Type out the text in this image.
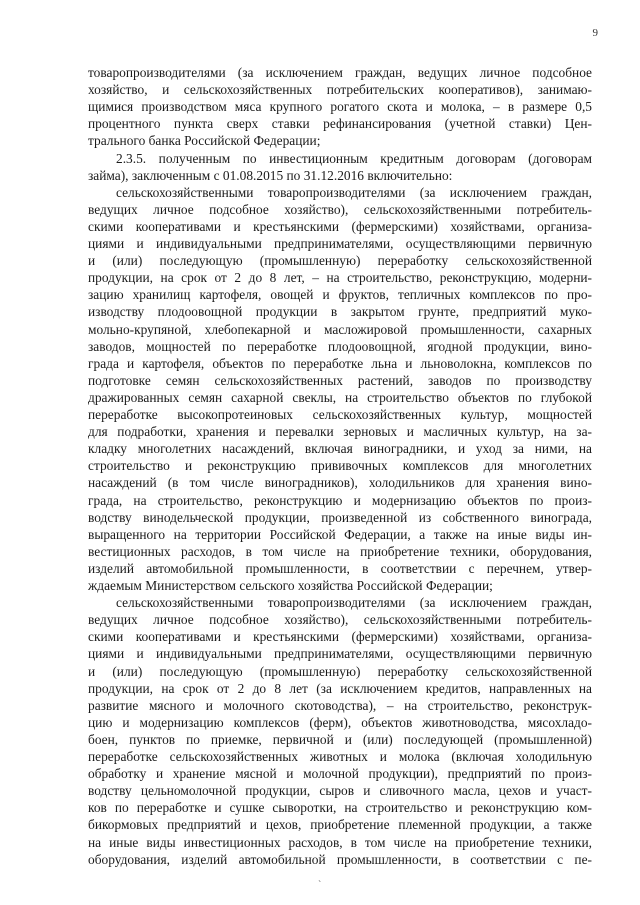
9
товаропроизводителями (за исключением граждан, ведущих личное подсобное
хозяйство, и сельскохозяйственных потребительских кооперативов), занимаю-
щимися производством мяса крупного рогатого скота и молока, – в размере 0,5
процентного пункта сверх ставки рефинансирования (учетной ставки) Цен-
трального банка Российской Федерации;
2.3.5. полученным по инвестиционным кредитным договорам (договорам
займа), заключенным с 01.08.2015 по 31.12.2016 включительно:
сельскохозяйственными товаропроизводителями (за исключением граждан,
ведущих личное подсобное хозяйство), сельскохозяйственными потребитель-
скими кооперативами и крестьянскими (фермерскими) хозяйствами, организа-
циями и индивидуальными предпринимателями, осуществляющими первичную
и (или) последующую (промышленную) переработку сельскохозяйственной
продукции, на срок от 2 до 8 лет, – на строительство, реконструкцию, модерни-
зацию хранилищ картофеля, овощей и фруктов, тепличных комплексов по про-
изводству плодоовощной продукции в закрытом грунте, предприятий муко-
мольно-крупяной, хлебопекарной и масложировой промышленности, сахарных
заводов, мощностей по переработке плодоовощной, ягодной продукции, вино-
града и картофеля, объектов по переработке льна и льноволокна, комплексов по
подготовке семян сельскохозяйственных растений, заводов по производству
дражированных семян сахарной свеклы, на строительство объектов по глубокой
переработке высокопротеиновых сельскохозяйственных культур, мощностей
для подработки, хранения и перевалки зерновых и масличных культур, на за-
кладку многолетних насаждений, включая виноградники, и уход за ними, на
строительство и реконструкцию прививочных комплексов для многолетних
насаждений (в том числе виноградников), холодильников для хранения вино-
града, на строительство, реконструкцию и модернизацию объектов по произ-
водству винодельческой продукции, произведенной из собственного винограда,
выращенного на территории Российской Федерации, а также на иные виды ин-
вестиционных расходов, в том числе на приобретение техники, оборудования,
изделий автомобильной промышленности, в соответствии с перечнем, утвер-
ждаемым Министерством сельского хозяйства Российской Федерации;
сельскохозяйственными товаропроизводителями (за исключением граждан,
ведущих личное подсобное хозяйство), сельскохозяйственными потребитель-
скими кооперативами и крестьянскими (фермерскими) хозяйствами, организа-
циями и индивидуальными предпринимателями, осуществляющими первичную
и (или) последующую (промышленную) переработку сельскохозяйственной
продукции, на срок от 2 до 8 лет (за исключением кредитов, направленных на
развитие мясного и молочного скотоводства), – на строительство, реконструк-
цию и модернизацию комплексов (ферм), объектов животноводства, мясохладо-
боен, пунктов по приемке, первичной и (или) последующей (промышленной)
переработке сельскохозяйственных животных и молока (включая холодильную
обработку и хранение мясной и молочной продукции), предприятий по произ-
водству цельномолочной продукции, сыров и сливочного масла, цехов и участ-
ков по переработке и сушке сыворотки, на строительство и реконструкцию ком-
бикормовых предприятий и цехов, приобретение племенной продукции, а также
на иные виды инвестиционных расходов, в том числе на приобретение техники,
оборудования, изделий автомобильной промышленности, в соответствии с пе-
`
